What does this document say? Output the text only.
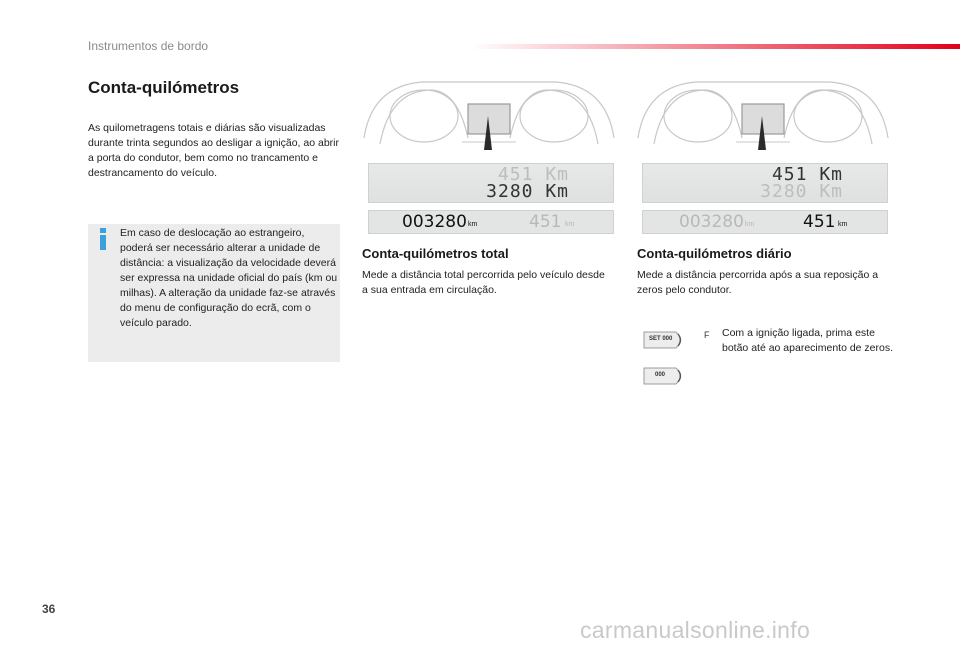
Instrumentos de bordo
Conta-quilómetros
As quilometragens totais e diárias são visualizadas durante trinta segundos ao desligar a ignição, ao abrir a porta do condutor, bem como no trancamento e destrancamento do veículo.
Em caso de deslocação ao estrangeiro, poderá ser necessário alterar a unidade de distância: a visualização da velocidade deverá ser expressa na unidade oficial do país (km ou milhas). A alteração da unidade faz-se através do menu de configuração do ecrã, com o veículo parado.
451 Km
3280 Km
003280 km	451 km
Conta-quilómetros total
Mede a distância total percorrida pelo veículo desde a sua entrada em circulação.
451 Km
3280 Km
003280 km	451 km
Conta-quilómetros diário
Mede a distância percorrida após a sua reposição a zeros pelo condutor.
SET 000
000
F Com a ignição ligada, prima este botão até ao aparecimento de zeros.
36
carmanualsonline.info
